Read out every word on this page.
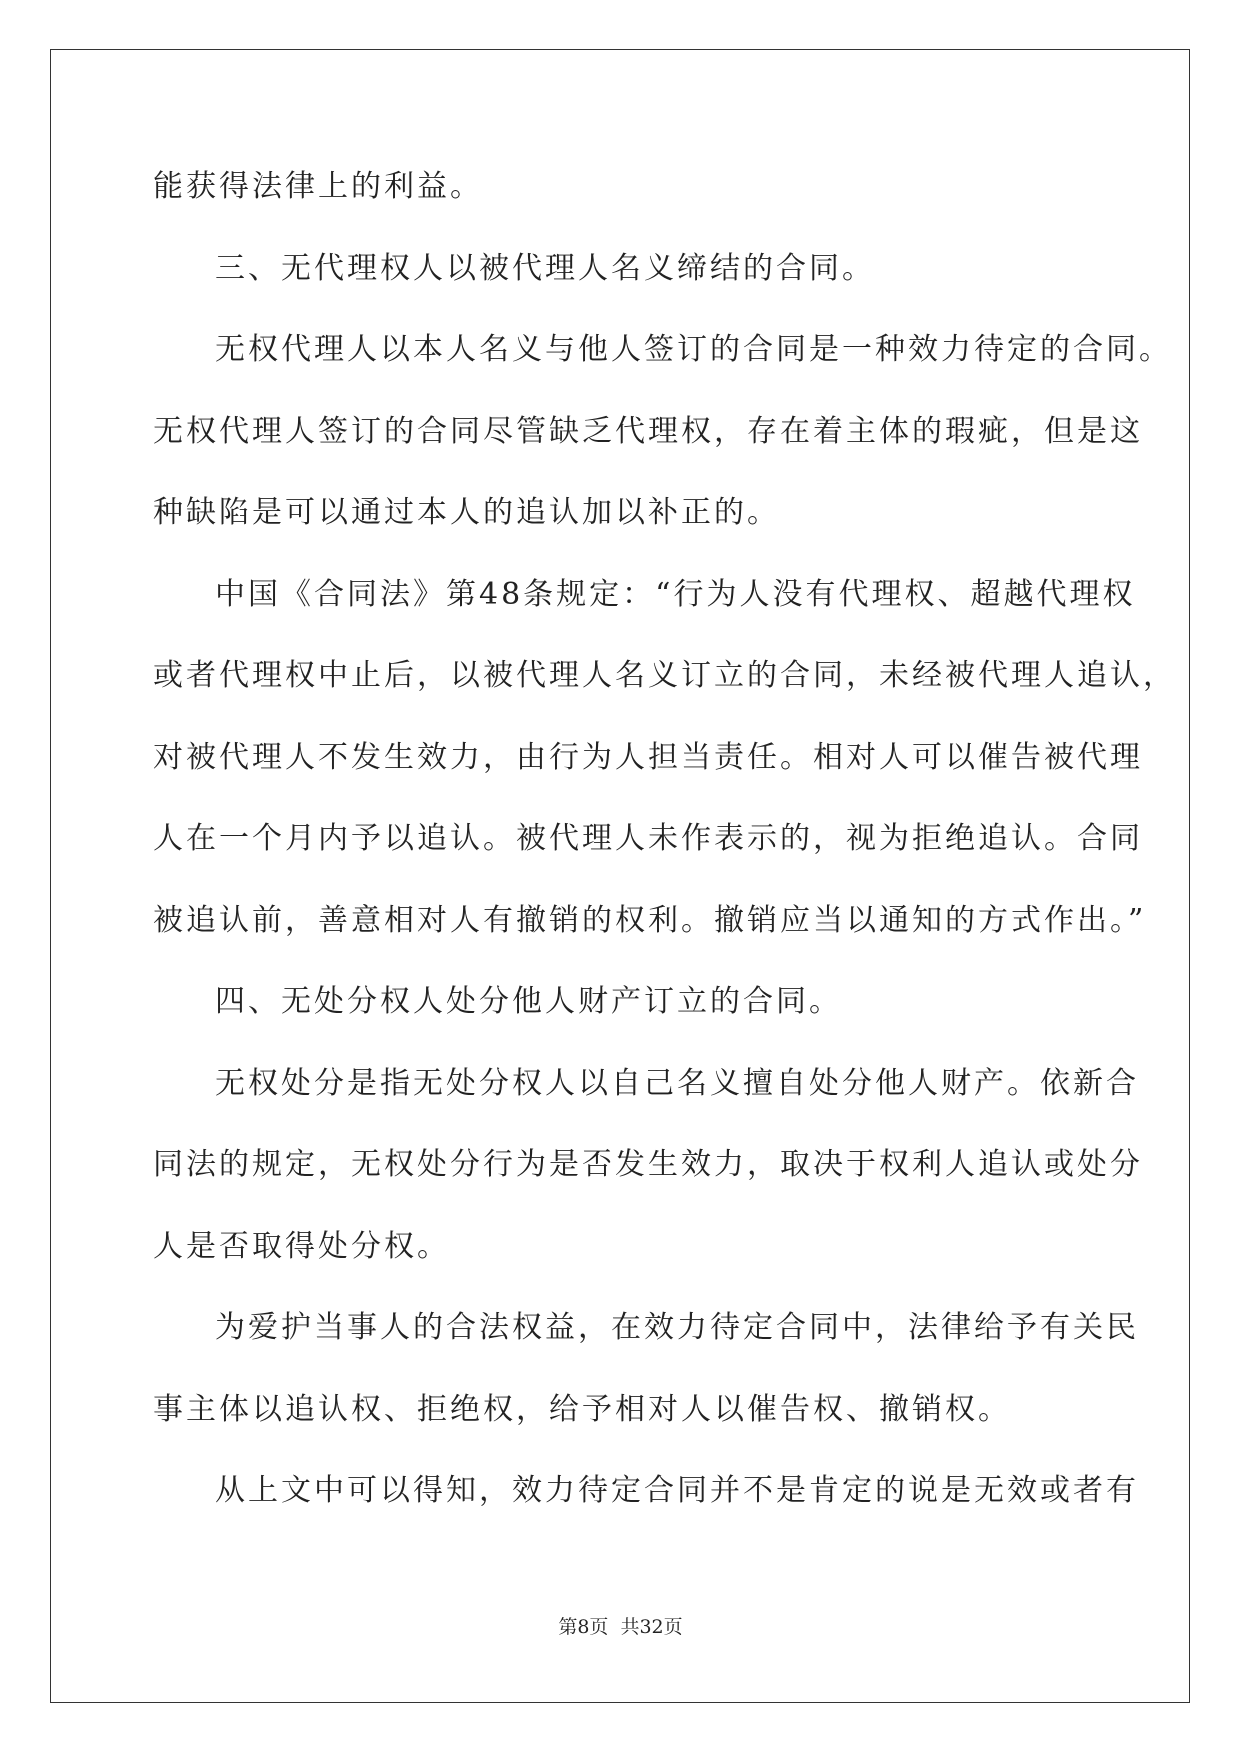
能获得法律上的利益。
三、无代理权人以被代理人名义缔结的合同。
无权代理人以本人名义与他人签订的合同是一种效力待定的合同。
无权代理人签订的合同尽管缺乏代理权，存在着主体的瑕疵，但是这
种缺陷是可以通过本人的追认加以补正的。
中国《合同法》第48条规定：“行为人没有代理权、超越代理权
或者代理权中止后，以被代理人名义订立的合同，未经被代理人追认，
对被代理人不发生效力，由行为人担当责任。相对人可以催告被代理
人在一个月内予以追认。被代理人未作表示的，视为拒绝追认。合同
被追认前，善意相对人有撤销的权利。撤销应当以通知的方式作出。”
四、无处分权人处分他人财产订立的合同。
无权处分是指无处分权人以自己名义擅自处分他人财产。依新合
同法的规定，无权处分行为是否发生效力，取决于权利人追认或处分
人是否取得处分权。
为爱护当事人的合法权益，在效力待定合同中，法律给予有关民
事主体以追认权、拒绝权，给予相对人以催告权、撤销权。
从上文中可以得知，效力待定合同并不是肯定的说是无效或者有
第8页 共32页
